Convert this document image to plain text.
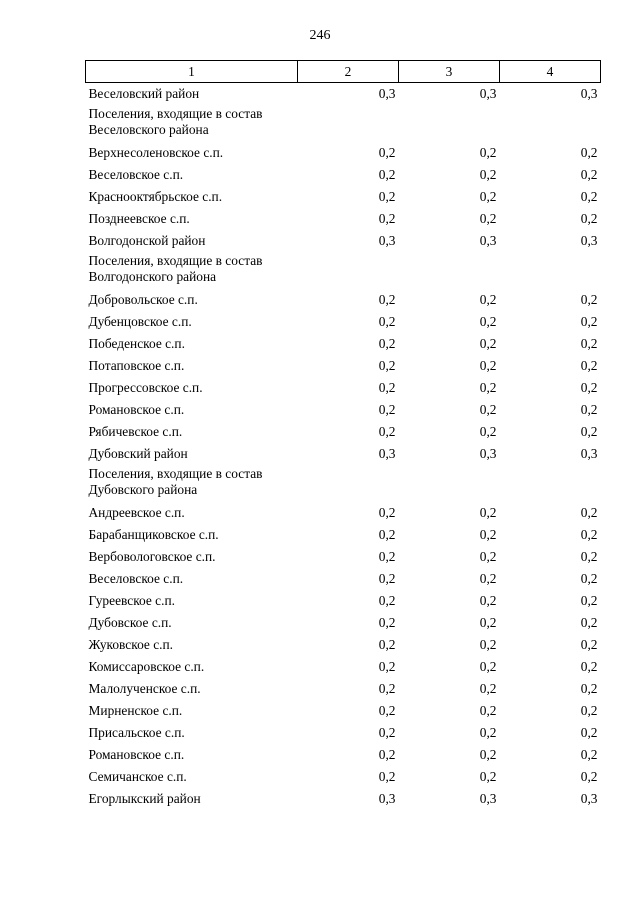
246
1	2	3	4
Веселовский район	0,3	0,3	0,3
Поселения, входящие в состав Веселовского района			
Верхнесоленовское с.п.	0,2	0,2	0,2
Веселовское с.п.	0,2	0,2	0,2
Краснооктябрьское с.п.	0,2	0,2	0,2
Позднеевское с.п.	0,2	0,2	0,2
Волгодонской район	0,3	0,3	0,3
Поселения, входящие в состав Волгодонского района			
Добровольское с.п.	0,2	0,2	0,2
Дубенцовское с.п.	0,2	0,2	0,2
Победенское с.п.	0,2	0,2	0,2
Потаповское с.п.	0,2	0,2	0,2
Прогрессовское с.п.	0,2	0,2	0,2
Романовское с.п.	0,2	0,2	0,2
Рябичевское с.п.	0,2	0,2	0,2
Дубовский район	0,3	0,3	0,3
Поселения, входящие в состав Дубовского района			
Андреевское с.п.	0,2	0,2	0,2
Барабанщиковское с.п.	0,2	0,2	0,2
Вербовологовское с.п.	0,2	0,2	0,2
Веселовское с.п.	0,2	0,2	0,2
Гуреевское с.п.	0,2	0,2	0,2
Дубовское с.п.	0,2	0,2	0,2
Жуковское с.п.	0,2	0,2	0,2
Комиссаровское с.п.	0,2	0,2	0,2
Малолученское с.п.	0,2	0,2	0,2
Мирненское с.п.	0,2	0,2	0,2
Присальское с.п.	0,2	0,2	0,2
Романовское с.п.	0,2	0,2	0,2
Семичанское с.п.	0,2	0,2	0,2
Егорлыкский район	0,3	0,3	0,3
